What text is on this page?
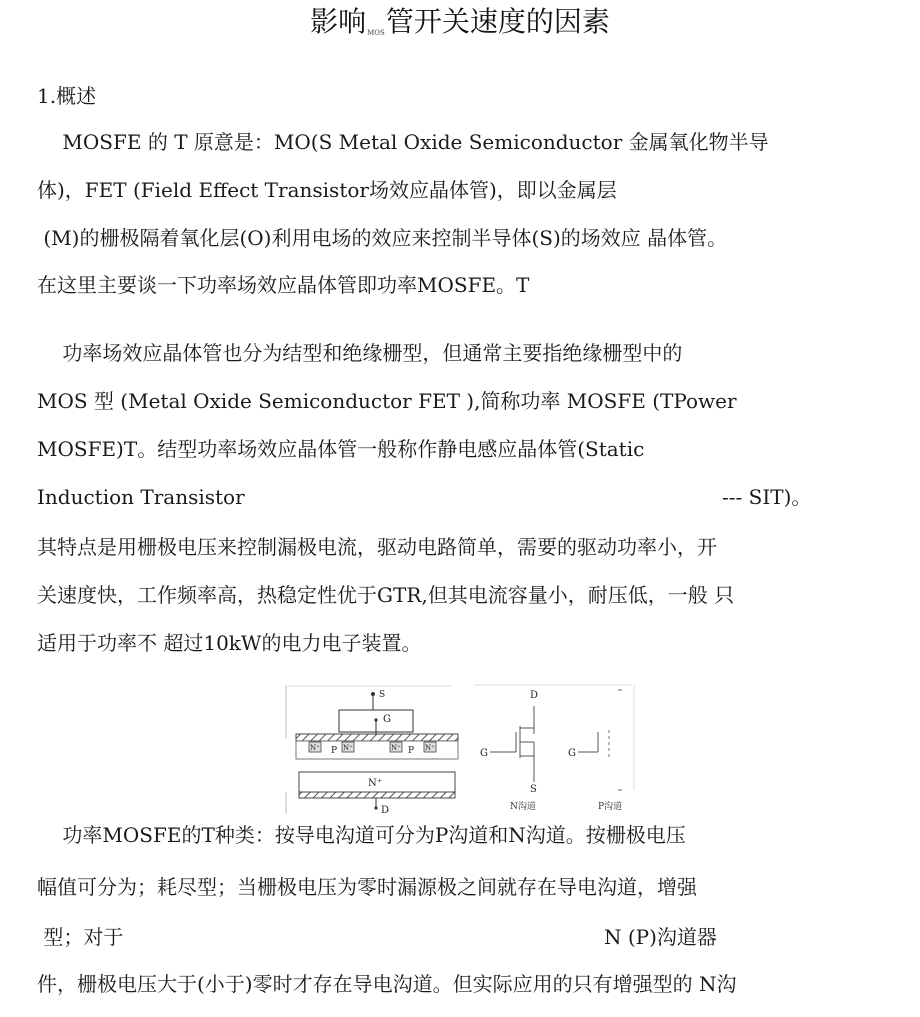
影响$_{MOS}$管开关速度的因素
1.概述
MOSFE 的 T 原意是：MO(S Metal Oxide Semiconductor 金属氧化物半导
体)，FET (Field Effect Transistor场效应晶体管)，即以金属层
(M)的栅极隔着氧化层(O)利用电场的效应来控制半导体(S)的场效应 晶体管。
在这里主要谈一下功率场效应晶体管即功率MOSFE。T
功率场效应晶体管也分为结型和绝缘栅型，但通常主要指绝缘栅型中的
MOS 型 (Metal Oxide Semiconductor FET ),简称功率 MOSFE (TPower
MOSFE)T。结型功率场效应晶体管一般称作静电感应晶体管(Static
Induction Transistor	--- SIT)。
其特点是用栅极电压来控制漏极电流，驱动电路简单，需要的驱动功率小，开
关速度快，工作频率高，热稳定性优于GTR,但其电流容量小，耐压低，一般 只
适用于功率不 超过10kW的电力电子装置。
N⁺ P N⁺	N⁺ P N⁺
G
S
N⁺
D
D
G
S
N沟道
G
P沟道
功率MOSFE的T种类：按导电沟道可分为P沟道和N沟道。按栅极电压
幅值可分为；耗尽型；当栅极电压为零时漏源极之间就存在导电沟道，增强
型；对于	N (P)沟道器
件，栅极电压大于(小于)零时才存在导电沟道。但实际应用的只有增强型的 N沟
